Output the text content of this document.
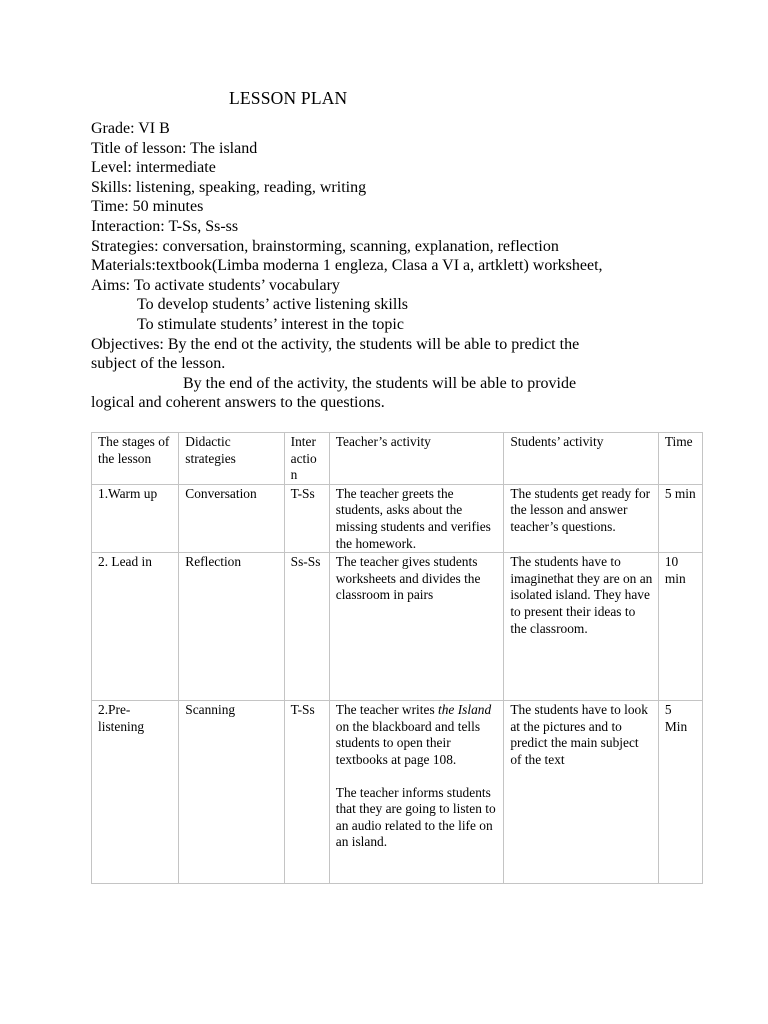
LESSON PLAN
Grade: VI B
Title of lesson: The island
Level: intermediate
Skills: listening, speaking, reading, writing
Time: 50 minutes
Interaction: T-Ss, Ss-ss
Strategies: conversation, brainstorming, scanning, explanation, reflection
Materials:textbook(Limba moderna 1 engleza, Clasa a VI a, artklett) worksheet,
Aims: To activate students’ vocabulary
To develop students’ active listening skills
To stimulate students’ interest in the topic
Objectives: By the end ot the activity, the students will be able to predict the
subject of the lesson.
By the end of the activity, the students will be able to provide
logical and coherent answers to the questions.
The stages of the lesson	Didactic strategies	Inter actio n	Teacher’s activity	Students’ activity	Time
1.Warm up	Conversation	T-Ss	The teacher greets the students, asks about the missing students and verifies the homework.	The students get ready for the lesson and answer teacher’s questions.	5 min
2. Lead in	Reflection	Ss-Ss	The teacher gives students worksheets and divides the classroom in pairs	The students have to imaginethat they are on an isolated island. They have to present their ideas to the classroom.	10 min
2.Pre-listening	Scanning	T-Ss	The teacher writes the Island on the blackboard and tells students to open their textbooks at page 108.
The teacher informs students that they are going to listen to an audio related to the life on an island.	The students have to look at the pictures and to predict the main subject of the text	5 Min
